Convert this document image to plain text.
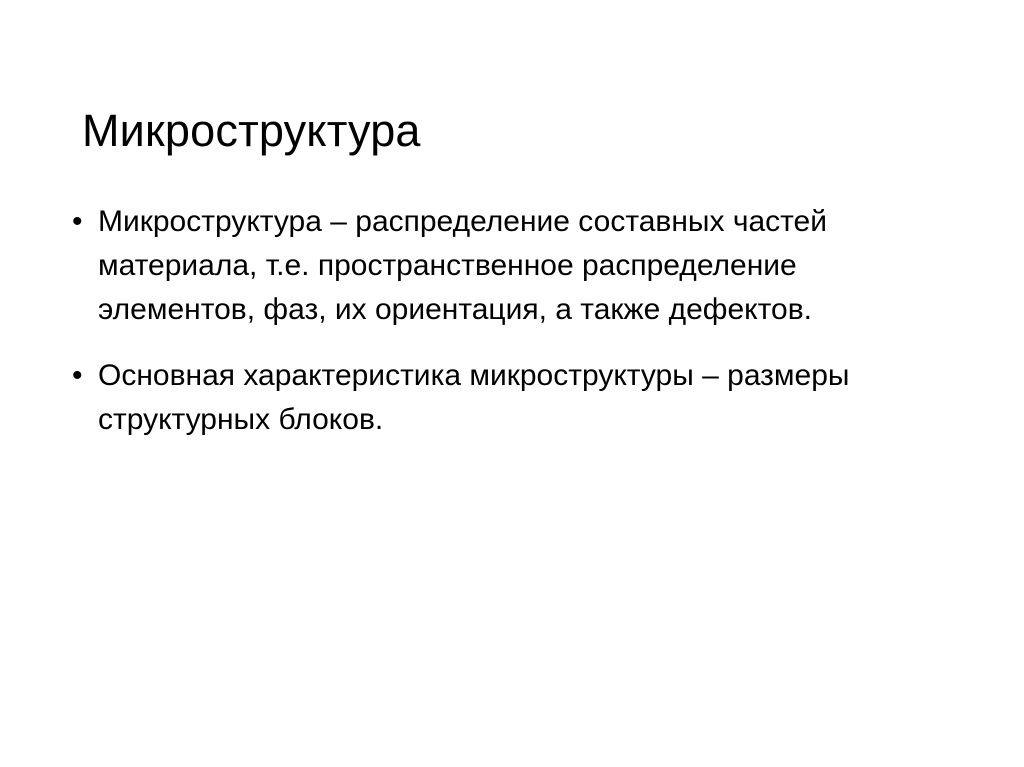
Микроструктура
• Микроструктура – распределение составных частей материала, т.е. пространственное распределение элементов, фаз, их ориентация, а также дефектов.
• Основная характеристика микроструктуры – размеры структурных блоков.
